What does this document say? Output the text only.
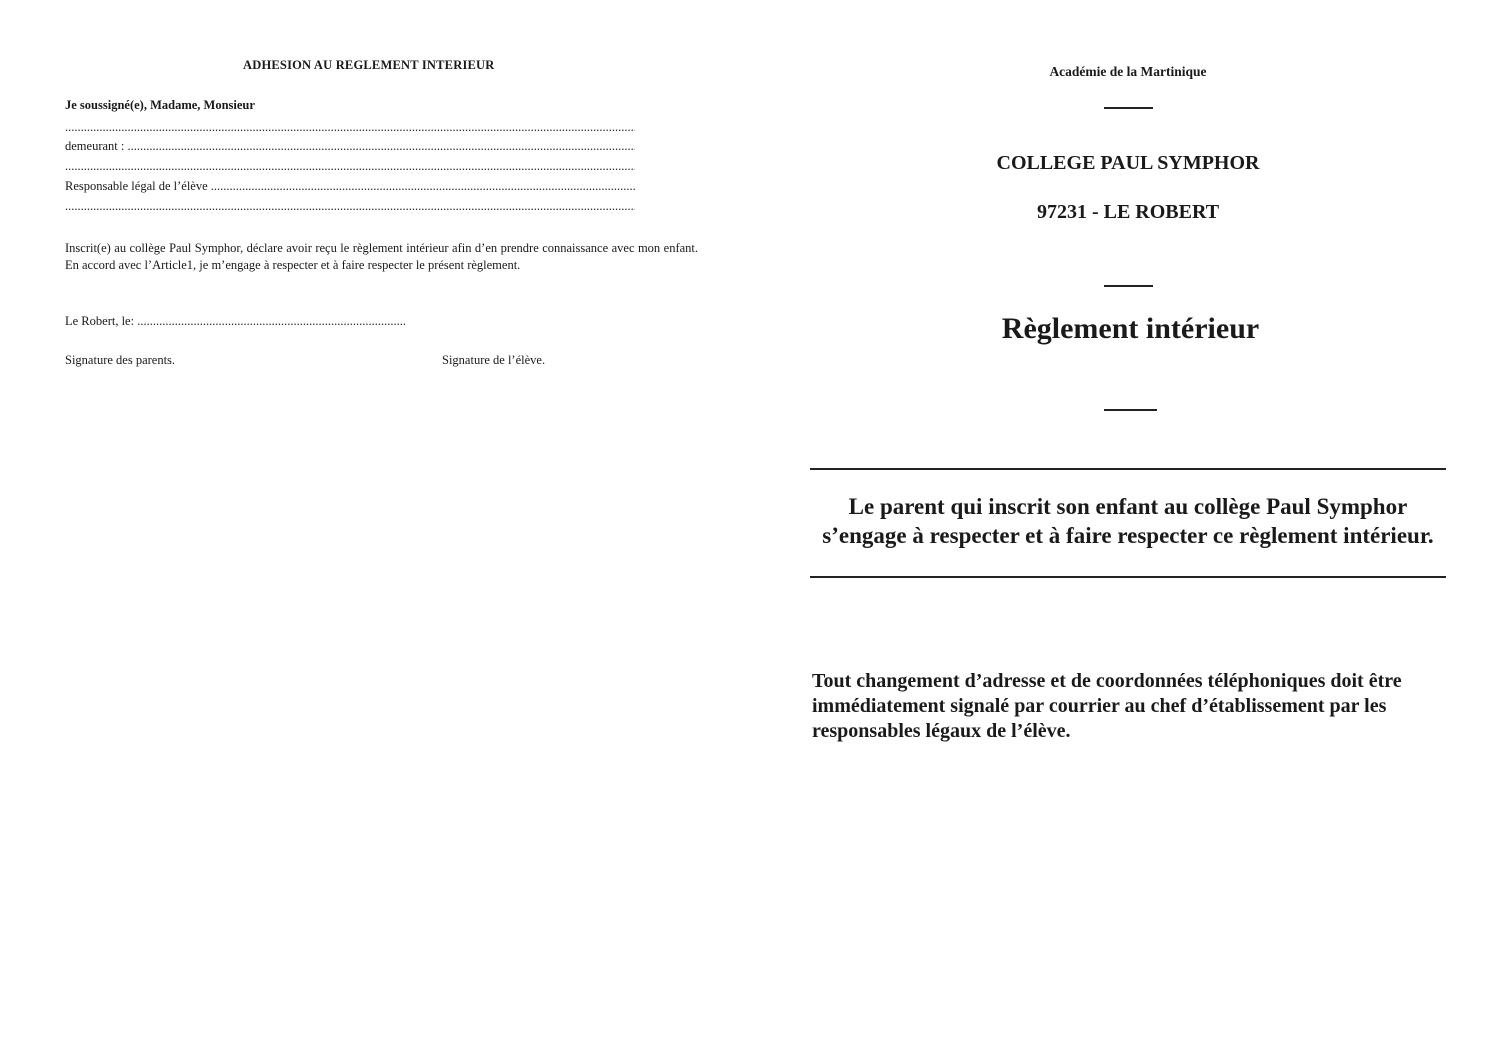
ADHESION AU REGLEMENT INTERIEUR
Je soussigné(e), Madame, Monsieur
.....
demeurant : .....
.....
Responsable légal de l’élève .....
.....
Inscrit(e) au collège Paul Symphor, déclare avoir reçu le règlement intérieur afin d’en prendre connaissance avec mon enfant. En accord avec l’Article1, je m’engage à respecter et à faire respecter le présent règlement.
Le Robert, le: .....
Signature des parents.	Signature de l’élève.
Académie de la Martinique
COLLEGE PAUL SYMPHOR
97231 - LE ROBERT
Règlement intérieur
Le parent qui inscrit son enfant au collège Paul Symphor s’engage à respecter et à faire respecter ce règlement intérieur.
Tout changement d’adresse et de coordonnées téléphoniques doit être immédiatement signalé par courrier au chef d’établissement par les responsables légaux de l’élève.
